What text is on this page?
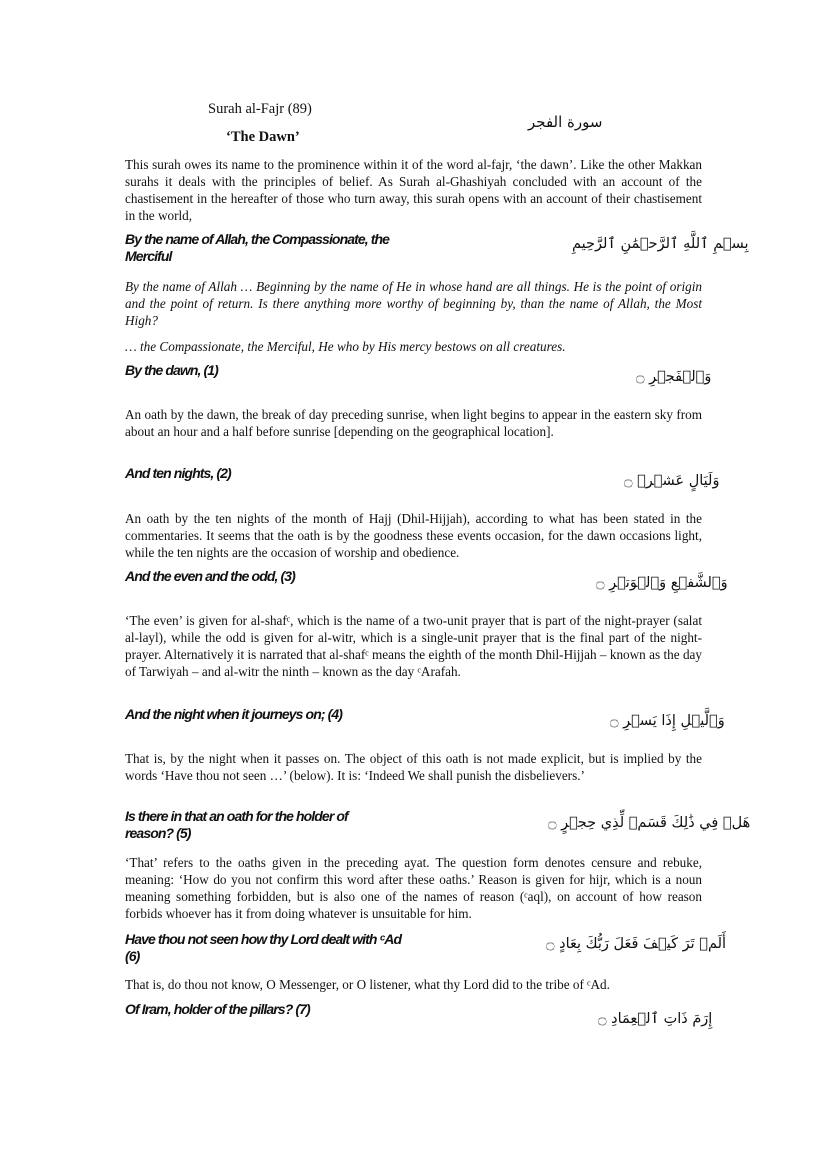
Surah al-Fajr (89)
‘The Dawn’
سورة الفجر
This surah owes its name to the prominence within it of the word al-fajr, ‘the dawn’. Like the other Makkan surahs it deals with the principles of belief. As Surah al-Ghashiyah concluded with an account of the chastisement in the hereafter of those who turn away, this surah opens with an account of their chastisement in the world,
By the name of Allah, the Compassionate, the Merciful
بِسۡمِ ٱللَّهِ ٱلرَّحۡمَٰنِ ٱلرَّحِيمِ
By the name of Allah … Beginning by the name of He in whose hand are all things. He is the point of origin and the point of return. Is there anything more worthy of beginning by, than the name of Allah, the Most High?
… the Compassionate, the Merciful, He who by His mercy bestows on all creatures.
By the dawn, (1)	وَٱلۡفَجۡرِ ۝
An oath by the dawn, the break of day preceding sunrise, when light begins to appear in the eastern sky from about an hour and a half before sunrise [depending on the geographical location].
And ten nights, (2)	وَلَيَالٍ عَشۡرٖ ۝
An oath by the ten nights of the month of Hajj (Dhil-Hijjah), according to what has been stated in the commentaries. It seems that the oath is by the goodness these events occasion, for the dawn occasions light, while the ten nights are the occasion of worship and obedience.
And the even and the odd, (3)	وَٱلشَّفۡعِ وَٱلۡوَتۡرِ ۝
‘The even’ is given for al-shafᶜ, which is the name of a two-unit prayer that is part of the night-prayer (salat al-layl), while the odd is given for al-witr, which is a single-unit prayer that is the final part of the night-prayer. Alternatively it is narrated that al-shafᶜ means the eighth of the month Dhil-Hijjah – known as the day of Tarwiyah – and al-witr the ninth – known as the day ᶜArafah.
And the night when it journeys on; (4)	وَٱلَّيۡلِ إِذَا يَسۡرِ ۝
That is, by the night when it passes on. The object of this oath is not made explicit, but is implied by the words ‘Have thou not seen …’ (below). It is: ‘Indeed We shall punish the disbelievers.’
Is there in that an oath for the holder of reason? (5)
هَلۡ فِي ذَٰلِكَ قَسَمٞ لِّذِي حِجۡرٍ ۝
‘That’ refers to the oaths given in the preceding ayat. The question form denotes censure and rebuke, meaning: ‘How do you not confirm this word after these oaths.’ Reason is given for hijr, which is a noun meaning something forbidden, but is also one of the names of reason (ᶜaql), on account of how reason forbids whoever has it from doing whatever is unsuitable for him.
Have thou not seen how thy Lord dealt with ᶜAd (6)
أَلَمۡ تَرَ كَيۡفَ فَعَلَ رَبُّكَ بِعَادٍ ۝
That is, do thou not know, O Messenger, or O listener, what thy Lord did to the tribe of ᶜAd.
Of Iram, holder of the pillars? (7)
إِرَمَ ذَاتِ ٱلۡعِمَادِ ۝
